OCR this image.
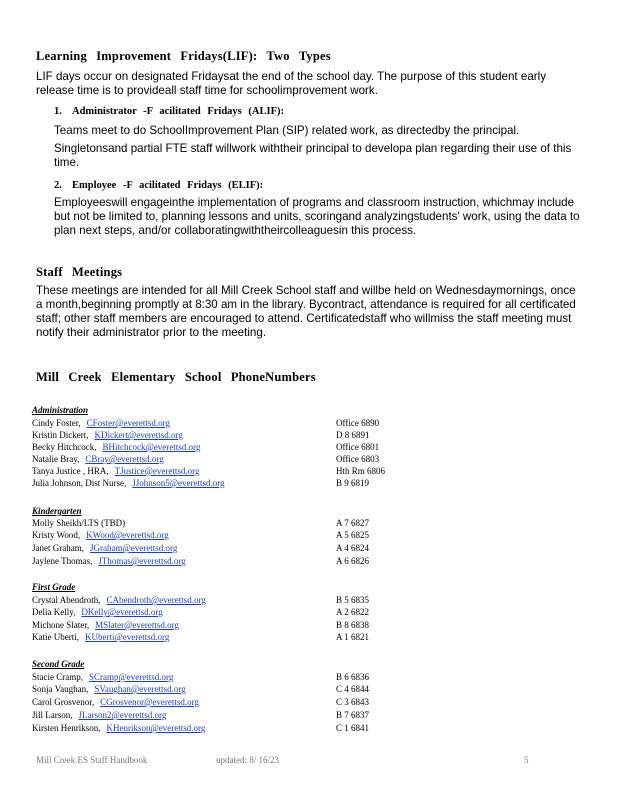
Learning Improvement Fridays(LIF): Two Types
LIF days occur on designated Fridaysat the end of the school day. The purpose of this student early release time is to provideall staff time for schoolimprovement work.
1. Administrator -F acilitated Fridays (ALIF):
Teams meet to do SchoolImprovement Plan (SIP) related work, as directedby the principal.
Singletonsand partial FTE staff willwork withtheir principal to developa plan regarding their use of this time.
2. Employee -F acilitated Fridays (ELIF):
Employeeswill engageinthe implementation of programs and classroom instruction, whichmay include but not be limited to, planning lessons and units, scoringand analyzingstudents' work, using the data to plan next steps, and/or collaboratingwiththeircolleaguesin this process.
Staff Meetings
These meetings are intended for all Mill Creek School staff and willbe held on Wednesdaymornings, once a month,beginning promptly at 8:30 am in the library. Bycontract, attendance is required for all certificated staff; other staff members are encouraged to attend. Certificatedstaff who willmiss the staff meeting must notify their administrator prior to the meeting.
Mill Creek Elementary School PhoneNumbers
Administration
Cindy Foster, CFoster@everettsd.org	Office 6890
Kristin Dickert, KDickert@everettsd.org	D 8 6891
Becky Hitchcock, BHitchcock@everettsd.org	Office 6801
Natalie Bray, CBray@everettsd.org	Office 6803
Tanya Justice , HRA, TJustice@everettsd.org	Hth Rm 6806
Julia Johnson, Dist Nurse, JJohnson5@everettsd.org	B 9 6819
Kindergarten
Molly Sheikh/LTS (TBD)	A 7 6827
Kristy Wood, KWood@everettsd.org	A 5 6825
Janet Graham, JGraham@everettsd.org	A 4 6824
Jaylene Thomas, JThomas@everettsd.org	A 6 6826
First Grade
Crystal Abendroth, CAbendroth@everettsd.org	B 5 6835
Delia Kelly, DKelly@everettsd.org	A 2 6822
Michone Slater, MSlater@everettsd.org	B 8 6838
Katie Uberti, KUberti@everettsd.org	A 1 6821
Second Grade
Stacie Cramp, SCramp@everettsd.org	B 6 6836
Sonja Vaughan, SVaughan@everettsd.org	C 4 6844
Carol Grosvenor, CGrosvenor@everettsd.org	C 3 6843
Jill Larson, JLarson2@everettsd.org	B 7 6837
Kirsten Henrikson, KHenrikson@everettsd.org	C 1 6841
Mill Creek ES Staff Handbook	updated: 8/ 16/23	5
